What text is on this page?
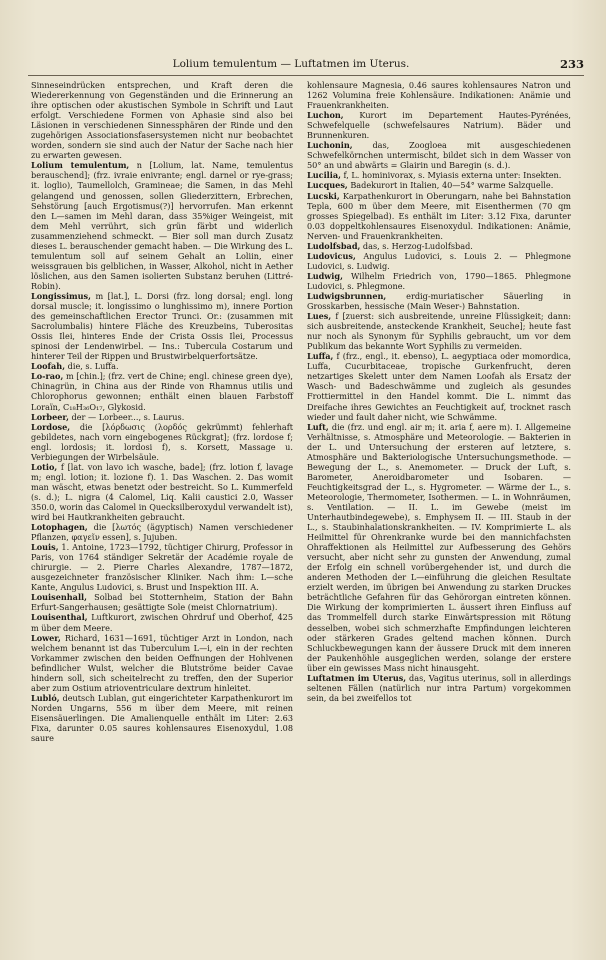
Lolium temulentum — Luftatmen im Uterus.	233

Sinneseindrücken entsprechen, und Kraft deren die Wiedererkennung von Gegenständen und die Erinnerung an ihre optischen oder akustischen Symbole in Schrift und Laut erfolgt. Verschiedene Formen von Aphasie sind also bei Läsionen in verschiedenen Sinnessphären der Rinde und den zugehörigen Associationsfasersystemen nicht nur beobachtet worden, sondern sie sind auch der Natur der Sache nach hier zu erwarten gewesen.

Lolium temulentum, n [Lolium, lat. Name, temulentus berauschend]; (frz. ivraie enivrante; engl. darnel or rye-grass; it. loglio), Taumellolch, Gramineae; die Samen, in das Mehl gelangend und genossen, sollen Gliederzittern, Erbrechen, Sehstörung [auch Ergotismus(?)] hervorrufen. Man erkennt den L—samen im Mehl daran, dass 35%iger Weingeist, mit dem Mehl verrührt, sich grün färbt und widerlich zusammenziehend schmeckt. — Bier soll man durch Zusatz dieses L. berauschender gemacht haben. — Die Wirkung des L. temulentum soll auf seinem Gehalt an Loliin, einer weissgrauen bis gelblichen, in Wasser, Alkohol, nicht in Aether löslichen, aus den Samen isolierten Substanz beruhen (Littré-Robin).

Longissimus, m [lat.], L. Dorsi (frz. long dorsal; engl. long dorsal muscle; it. longissimo o lunghissimo m), innere Portion des gemeinschaftlichen Erector Trunci. Or.: (zusammen mit Sacrolumbalis) hintere Fläche des Kreuzbeins, Tuberositas Ossis Ilei, hinteres Ende der Crista Ossis Ilei, Processus spinosi der Lendenwirbel. — Ins.: Tubercula Costarum und hinterer Teil der Rippen und Brustwirbelquerfortsätze.

Loofah, die, s. Luffa.

Lo-rao, m [chin.]; (frz. vert de Chine; engl. chinese green dye), Chinagrün, in China aus der Rinde von Rhamnus utilis und Chlorophorus gewonnen; enthält einen blauen Farbstoff Loraïn, C₁₈H₃₆O₁₇, Glykosid.

Lorbeer, der — Lorbeer..., s. Laurus.

Lordose, die [λόρδωσις (λορδός gekrümmt) fehlerhaft gebildetes, nach vorn eingebogenes Rückgrat]; (frz. lordose f; engl. lordosis; it. lordosi f), s. Korsett, Massage u. Verbiegungen der Wirbelsäule.

Lotio, f [lat. von lavo ich wasche, bade]; (frz. lotion f, lavage m; engl. lotion; it. lozione f). 1. Das Waschen. 2. Das womit man wäscht, etwas benetzt oder bestreicht. So L. Kummerfeld (s. d.); L. nigra (4 Calomel, Liq. Kalii caustici 2.0, Wasser 350.0, worin das Calomel in Quecksilberoxydul verwandelt ist), wird bei Hautkrankheiten gebraucht.

Lotophagen, die [λωτός (ägyptisch) Namen verschiedener Pflanzen, φαγεῖν essen], s. Jujuben.

Louis, 1. Antoine, 1723—1792, tüchtiger Chirurg, Professor in Paris, von 1764 ständiger Sekretär der Académie royale de chirurgie. — 2. Pierre Charles Alexandre, 1787—1872, ausgezeichneter französischer Kliniker. Nach ihm: L—sche Kante, Angulus Ludovici, s. Brust und Inspektion III. A.

Louisenhall, Solbad bei Stotternheim, Station der Bahn Erfurt-Sangerhausen; gesättigte Sole (meist Chlornatrium).

Louisenthal, Luftkurort, zwischen Ohrdruf und Oberhof, 425 m über dem Meere.

Lower, Richard, 1631—1691, tüchtiger Arzt in London, nach welchem benannt ist das Tuberculum L—i, ein in der rechten Vorkammer zwischen den beiden Oeffnungen der Hohlvenen befindlicher Wulst, welcher die Blutströme beider Cavae hindern soll, sich scheitelrecht zu treffen, den der Superior aber zum Ostium atrioventriculare dextrum hinleitet.

Lubló, deutsch Lublan, gut eingerichteter Karpathenkurort im Norden Ungarns, 556 m über dem Meere, mit reinen Eisensäuerlingen. Die Amalienquelle enthält im Liter: 2.63 Fixa, darunter 0.05 saures kohlensaures Eisenoxydul, 1.08 saure

kohlensaure Magnesia, 0.46 saures kohlensaures Natron und 1262 Volumina freie Kohlensäure. Indikationen: Anämie und Frauenkrankheiten.

Luchon, Kurort im Departement Hautes-Pyrénées, Schwefelquelle (schwefelsaures Natrium). Bäder und Brunnenkuren.

Luchonin, das, Zoogloea mit ausgeschiedenen Schwefelkörnchen untermischt, bildet sich in dem Wasser von 50° an und abwärts = Glairin und Baregin (s. d.).

Lucilia, f, L. hominivorax, s. Myiasis externa unter: Insekten.

Lucques, Badekurort in Italien, 40—54° warme Salzquelle.

Lucski, Karpathenkurort in Oberungarn, nahe bei Bahnstation Tepla, 600 m über dem Meere, mit Eisenthermen (70 qm grosses Spiegelbad). Es enthält im Liter: 3.12 Fixa, darunter 0.03 doppeltkohlensaures Eisenoxydul. Indikationen: Anämie, Nerven- und Frauenkrankheiten.

Ludolfsbad, das, s. Herzog-Ludolfsbad.

Ludovicus, Angulus Ludovici, s. Louis 2. — Phlegmone Ludovici, s. Ludwig.

Ludwig, Wilhelm Friedrich von, 1790—1865. Phlegmone Ludovici, s. Phlegmone.

Ludwigsbrunnen, erdig-muriatischer Säuerling in Grosskarben, hessische (Main Weser-) Bahnstation.

Lues, f [zuerst: sich ausbreitende, unreine Flüssigkeit; dann: sich ausbreitende, ansteckende Krankheit, Seuche]; heute fast nur noch als Synonym für Syphilis gebraucht, um vor dem Publikum das bekannte Wort Syphilis zu vermeiden.

Luffa, f (frz., engl., it. ebenso), L. aegyptiaca oder momordica, Luffa, Cucurbitaceae, tropische Gurkenfrucht, deren netzartiges Skelett unter dem Namen Loofah als Ersatz der Wasch- und Badeschwämme und zugleich als gesundes Frottiermittel in den Handel kommt. Die L. nimmt das Dreifache ihres Gewichtes an Feuchtigkeit auf, trocknet rasch wieder und fault daher nicht, wie Schwämme.

Luft, die (frz. und engl. air m; it. aria f, aere m). I. Allgemeine Verhältnisse, s. Atmosphäre und Meteorologie. — Bakterien in der L. und Untersuchung der ersteren auf letztere, s. Atmosphäre und Bakteriologische Untersuchungsmethode. — Bewegung der L., s. Anemometer. — Druck der Luft, s. Barometer, Aneroidbarometer und Isobaren. — Feuchtigkeitsgrad der L., s. Hygrometer. — Wärme der L., s. Meteorologie, Thermometer, Isothermen. — L. in Wohnräumen, s. Ventilation. — II. L. im Gewebe (meist im Unterhautbindegewebe), s. Emphysem II. — III. Staub in der L., s. Staubinhalationskrankheiten. — IV. Komprimierte L. als Heilmittel für Ohrenkranke wurde bei den mannichfachsten Ohraffektionen als Heilmittel zur Aufbesserung des Gehörs versucht, aber nicht sehr zu gunsten der Anwendung, zumal der Erfolg ein schnell vorübergehender ist, und durch die anderen Methoden der L—einführung die gleichen Resultate erzielt werden, im übrigen bei Anwendung zu starken Druckes beträchtliche Gefahren für das Gehörorgan eintreten können. Die Wirkung der komprimierten L. äussert ihren Einfluss auf das Trommelfell durch starke Einwärtspression mit Rötung desselben, wobei sich schmerzhafte Empfindungen leichteren oder stärkeren Grades geltend machen können. Durch Schluckbewegungen kann der äussere Druck mit dem inneren der Paukenhöhle ausgeglichen werden, solange der erstere über ein gewisses Mass nicht hinausgeht.

Luftatmen im Uterus, das, Vagitus uterinus, soll in allerdings seltenen Fällen (natürlich nur intra Partum) vorgekommen sein, da bei zweifellos tot
